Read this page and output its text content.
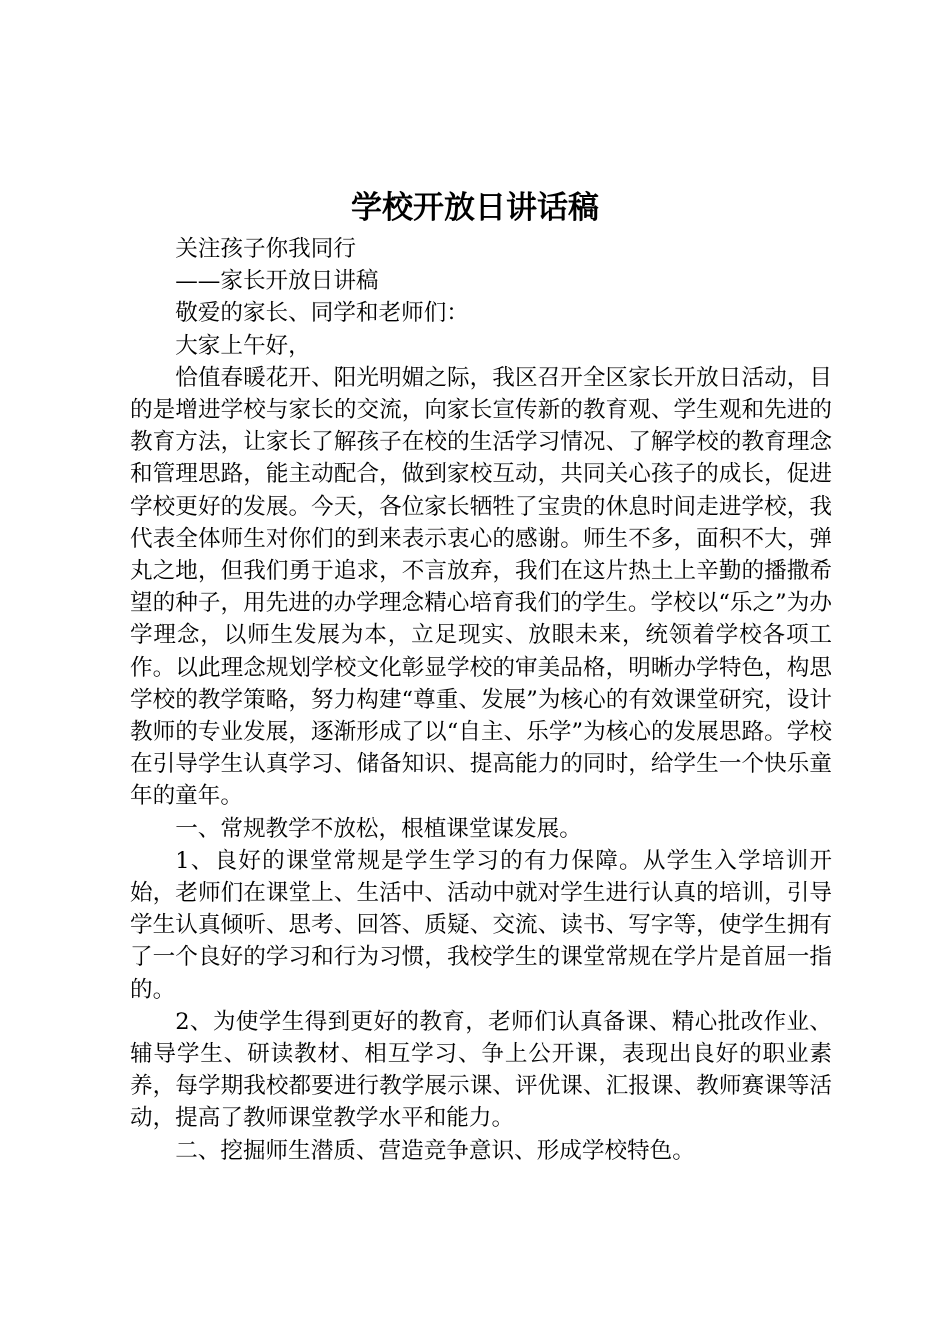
学校开放日讲话稿

关注孩子你我同行

——家长开放日讲稿

敬爱的家长、同学和老师们：

大家上午好，

恰值春暖花开、阳光明媚之际，我区召开全区家长开放日活动，目的是增进学校与家长的交流，向家长宣传新的教育观、学生观和先进的教育方法，让家长了解孩子在校的生活学习情况、了解学校的教育理念和管理思路，能主动配合，做到家校互动，共同关心孩子的成长，促进学校更好的发展。今天，各位家长牺牲了宝贵的休息时间走进学校，我代表全体师生对你们的到来表示衷心的感谢。师生不多，面积不大，弹丸之地，但我们勇于追求，不言放弃，我们在这片热土上辛勤的播撒希望的种子，用先进的办学理念精心培育我们的学生。学校以“乐之”为办学理念，以师生发展为本，立足现实、放眼未来，统领着学校各项工作。以此理念规划学校文化彰显学校的审美品格，明晰办学特色，构思学校的教学策略，努力构建“尊重、发展”为核心的有效课堂研究，设计教师的专业发展，逐渐形成了以“自主、乐学”为核心的发展思路。学校在引导学生认真学习、储备知识、提高能力的同时，给学生一个快乐童年的童年。

一、常规教学不放松，根植课堂谋发展。

1、良好的课堂常规是学生学习的有力保障。从学生入学培训开始，老师们在课堂上、生活中、活动中就对学生进行认真的培训，引导学生认真倾听、思考、回答、质疑、交流、读书、写字等，使学生拥有了一个良好的学习和行为习惯，我校学生的课堂常规在学片是首屈一指的。

2、为使学生得到更好的教育，老师们认真备课、精心批改作业、辅导学生、研读教材、相互学习、争上公开课，表现出良好的职业素养，每学期我校都要进行教学展示课、评优课、汇报课、教师赛课等活动，提高了教师课堂教学水平和能力。

二、挖掘师生潜质、营造竞争意识、形成学校特色。
